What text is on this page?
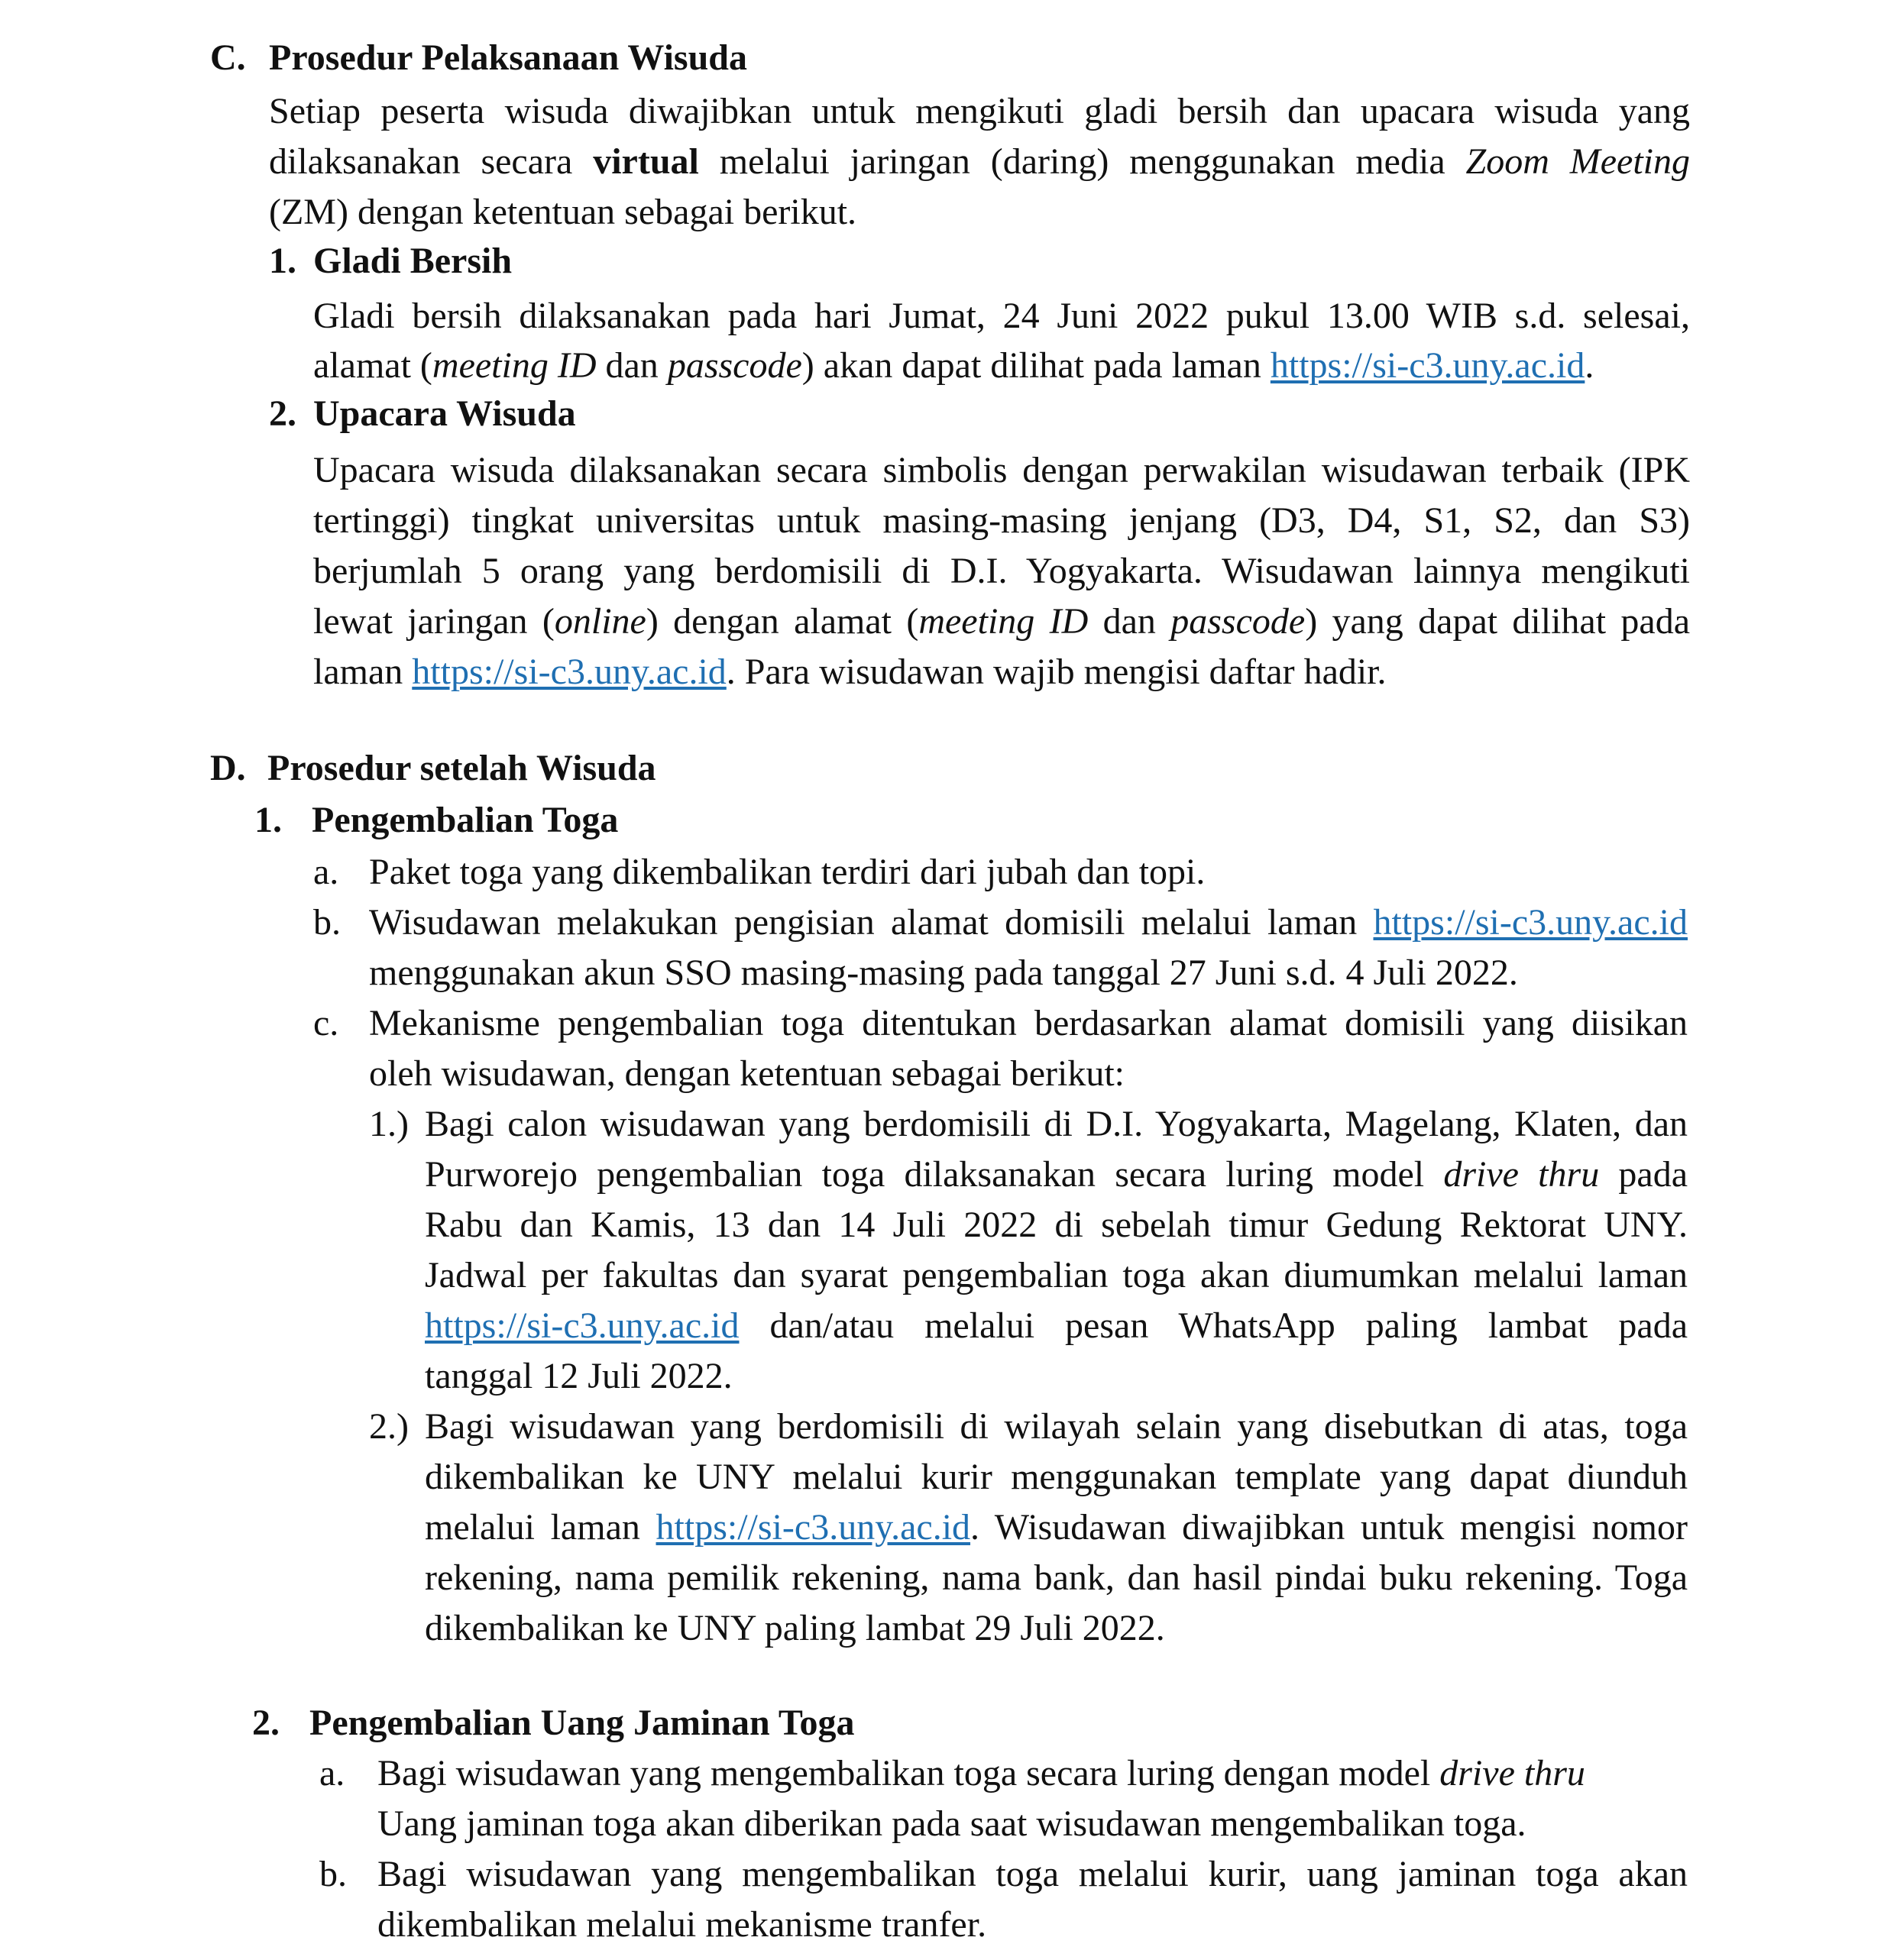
C. Prosedur Pelaksanaan Wisuda
Setiap peserta wisuda diwajibkan untuk mengikuti gladi bersih dan upacara wisuda yang
dilaksanakan secara virtual melalui jaringan (daring) menggunakan media Zoom Meeting
(ZM) dengan ketentuan sebagai berikut.
1. Gladi Bersih
Gladi bersih dilaksanakan pada hari Jumat, 24 Juni 2022 pukul 13.00 WIB s.d. selesai,
alamat (meeting ID dan passcode) akan dapat dilihat pada laman https://si-c3.uny.ac.id.
2. Upacara Wisuda
Upacara wisuda dilaksanakan secara simbolis dengan perwakilan wisudawan terbaik (IPK
tertinggi) tingkat universitas untuk masing-masing jenjang (D3, D4, S1, S2, dan S3)
berjumlah 5 orang yang berdomisili di D.I. Yogyakarta. Wisudawan lainnya mengikuti
lewat jaringan (online) dengan alamat (meeting ID dan passcode) yang dapat dilihat pada
laman https://si-c3.uny.ac.id. Para wisudawan wajib mengisi daftar hadir.
D. Prosedur setelah Wisuda
1. Pengembalian Toga
a. Paket toga yang dikembalikan terdiri dari jubah dan topi.
b. Wisudawan melakukan pengisian alamat domisili melalui laman https://si-c3.uny.ac.id
menggunakan akun SSO masing-masing pada tanggal 27 Juni s.d. 4 Juli 2022.
c. Mekanisme pengembalian toga ditentukan berdasarkan alamat domisili yang diisikan
oleh wisudawan, dengan ketentuan sebagai berikut:
1.) Bagi calon wisudawan yang berdomisili di D.I. Yogyakarta, Magelang, Klaten, dan
Purworejo pengembalian toga dilaksanakan secara luring model drive thru pada
Rabu dan Kamis, 13 dan 14 Juli 2022 di sebelah timur Gedung Rektorat UNY.
Jadwal per fakultas dan syarat pengembalian toga akan diumumkan melalui laman
https://si-c3.uny.ac.id dan/atau melalui pesan WhatsApp paling lambat pada
tanggal 12 Juli 2022.
2.) Bagi wisudawan yang berdomisili di wilayah selain yang disebutkan di atas, toga
dikembalikan ke UNY melalui kurir menggunakan template yang dapat diunduh
melalui laman https://si-c3.uny.ac.id. Wisudawan diwajibkan untuk mengisi nomor
rekening, nama pemilik rekening, nama bank, dan hasil pindai buku rekening. Toga
dikembalikan ke UNY paling lambat 29 Juli 2022.
2. Pengembalian Uang Jaminan Toga
a. Bagi wisudawan yang mengembalikan toga secara luring dengan model drive thru
Uang jaminan toga akan diberikan pada saat wisudawan mengembalikan toga.
b. Bagi wisudawan yang mengembalikan toga melalui kurir, uang jaminan toga akan
dikembalikan melalui mekanisme tranfer.
